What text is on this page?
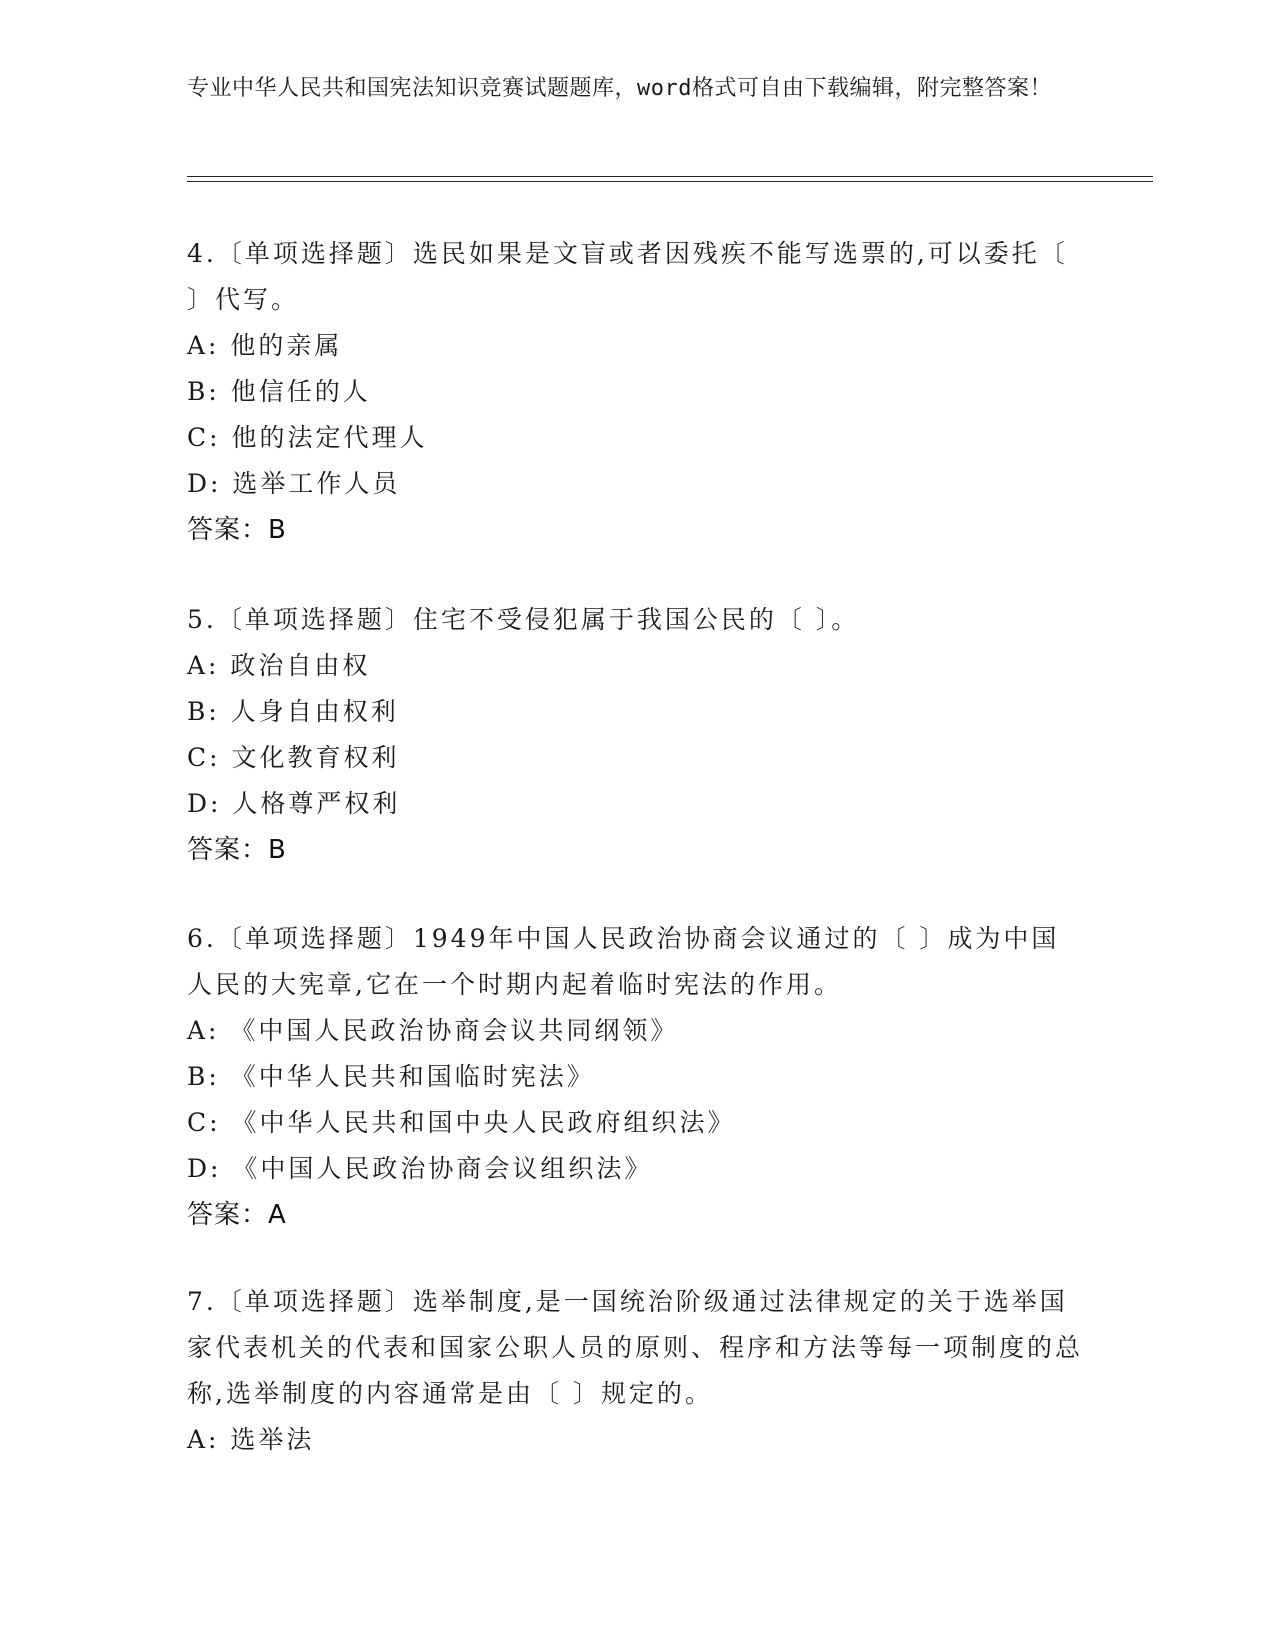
专业中华人民共和国宪法知识竞赛试题题库，word格式可自由下载编辑，附完整答案！

4.〔单项选择题〕选民如果是文盲或者因残疾不能写选票的,可以委托〔 〕代写。

A: 他的亲属

B: 他信任的人

C: 他的法定代理人

D: 选举工作人员

答案：B

5.〔单项选择题〕住宅不受侵犯属于我国公民的〔 〕。

A: 政治自由权

B: 人身自由权利

C: 文化教育权利

D: 人格尊严权利

答案：B

6.〔单项选择题〕1949年中国人民政治协商会议通过的〔 〕成为中国人民的大宪章,它在一个时期内起着临时宪法的作用。

A: 《中国人民政治协商会议共同纲领》

B: 《中华人民共和国临时宪法》

C: 《中华人民共和国中央人民政府组织法》

D: 《中国人民政治协商会议组织法》

答案：A

7.〔单项选择题〕选举制度,是一国统治阶级通过法律规定的关于选举国家代表机关的代表和国家公职人员的原则、程序和方法等每一项制度的总称,选举制度的内容通常是由〔 〕规定的。

A: 选举法
